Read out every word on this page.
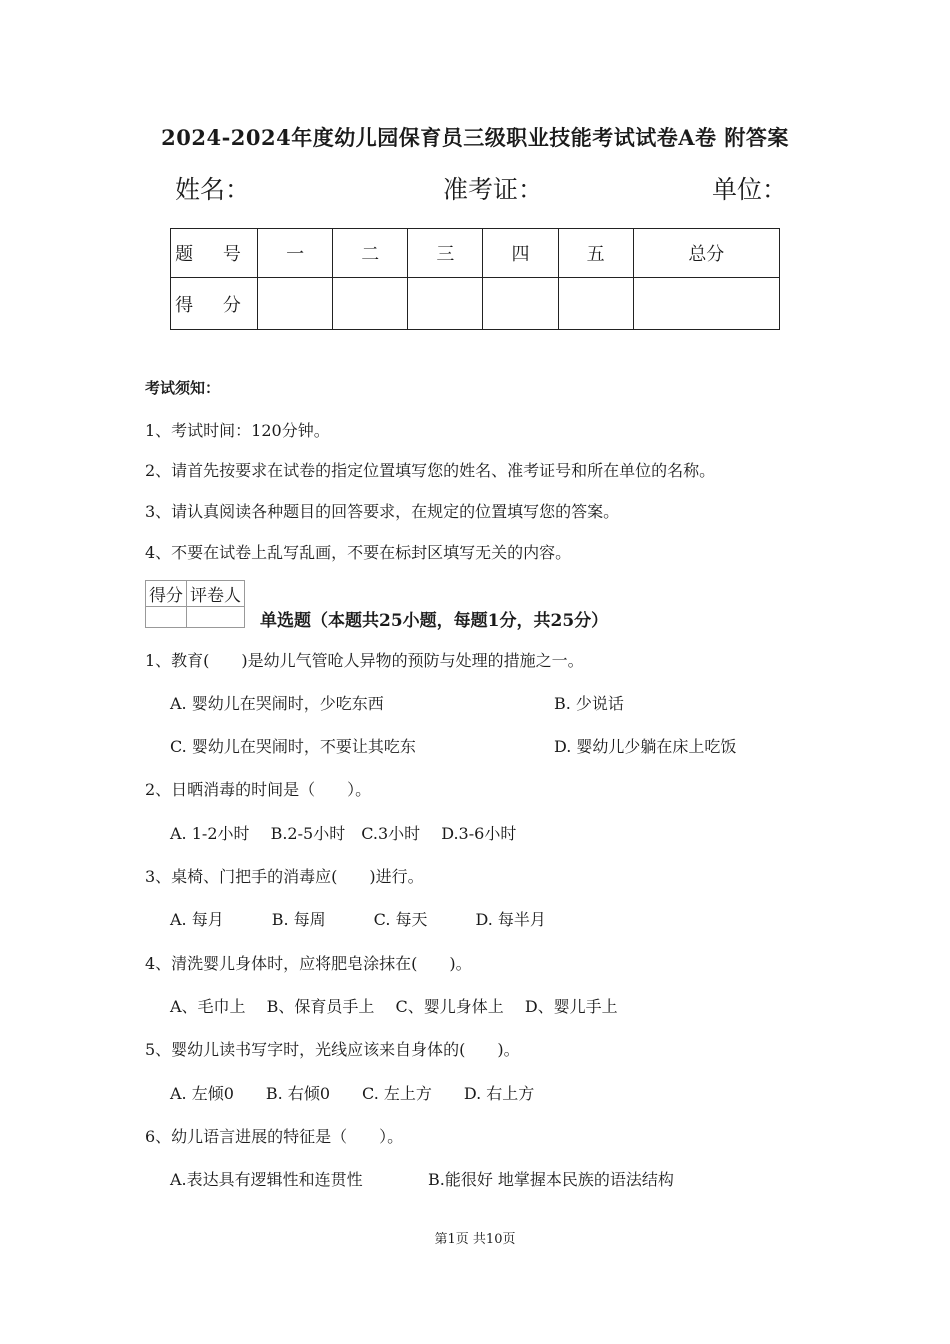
2024-2024年度幼儿园保育员三级职业技能考试试卷A卷 附答案
姓名：	准考证：	单位：
题 号	一	二	三	四	五	总分
得 分						
考试须知：
1、考试时间：120分钟。
2、请首先按要求在试卷的指定位置填写您的姓名、准考证号和所在单位的名称。
3、请认真阅读各种题目的回答要求，在规定的位置填写您的答案。
4、不要在试卷上乱写乱画，不要在标封区填写无关的内容。
得分	评卷人

单选题（本题共25小题，每题1分，共25分）
1、教育(　　)是幼儿气管呛人异物的预防与处理的措施之一。
A. 婴幼儿在哭闹时，少吃东西	B. 少说话
C. 婴幼儿在哭闹时，不要让其吃东	D. 婴幼儿少躺在床上吃饭
2、日晒消毒的时间是（　　）。
A. 1-2小时　 B.2-5小时　C.3小时　 D.3-6小时
3、桌椅、门把手的消毒应(　　)进行。
A. 每月　　　B. 每周　　　C. 每天　　　D. 每半月
4、清洗婴儿身体时，应将肥皂涂抹在(　　)。
A、毛巾上　 B、保育员手上　 C、婴儿身体上　 D、婴儿手上
5、婴幼儿读书写字时，光线应该来自身体的(　　)。
A. 左倾0　　B. 右倾0　　C. 左上方　　D. 右上方
6、幼儿语言进展的特征是（　　）。
A.表达具有逻辑性和连贯性	B.能很好 地掌握本民族的语法结构
第1页 共10页
